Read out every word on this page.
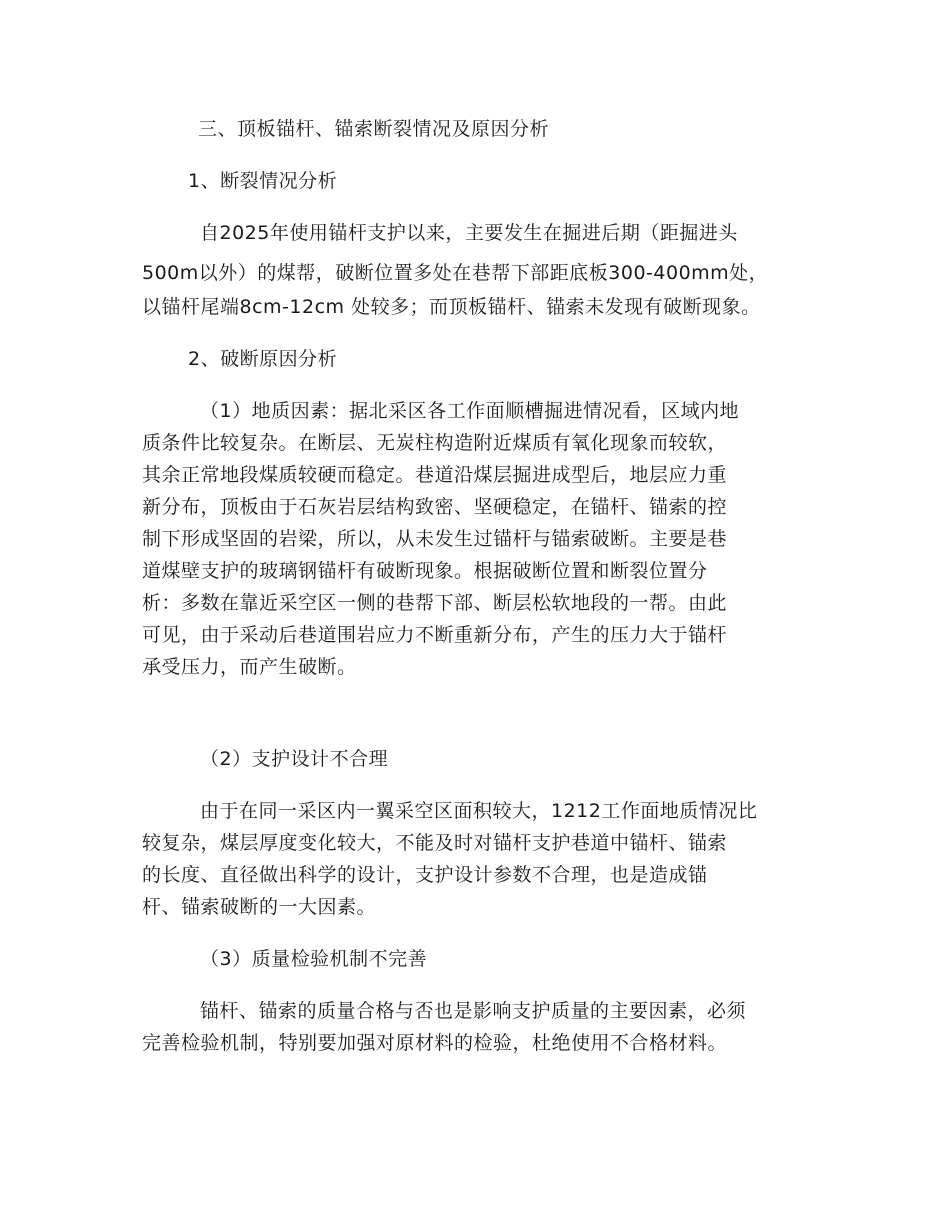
三、顶板锚杆、锚索断裂情况及原因分析
1、断裂情况分析
自2025年使用锚杆支护以来，主要发生在掘进后期（距掘进头
500m以外）的煤帮，破断位置多处在巷帮下部距底板300-400mm处，
以锚杆尾端8cm-12cm 处较多；而顶板锚杆、锚索未发现有破断现象。
2、破断原因分析
（1）地质因素：据北采区各工作面顺槽掘进情况看，区域内地
质条件比较复杂。在断层、无炭柱构造附近煤质有氧化现象而较软，
其余正常地段煤质较硬而稳定。巷道沿煤层掘进成型后，地层应力重
新分布，顶板由于石灰岩层结构致密、坚硬稳定，在锚杆、锚索的控
制下形成坚固的岩梁，所以，从未发生过锚杆与锚索破断。主要是巷
道煤壁支护的玻璃钢锚杆有破断现象。根据破断位置和断裂位置分
析：多数在靠近采空区一侧的巷帮下部、断层松软地段的一帮。由此
可见，由于采动后巷道围岩应力不断重新分布，产生的压力大于锚杆
承受压力，而产生破断。
（2）支护设计不合理
由于在同一采区内一翼采空区面积较大，1212工作面地质情况比
较复杂，煤层厚度变化较大，不能及时对锚杆支护巷道中锚杆、锚索
的长度、直径做出科学的设计，支护设计参数不合理，也是造成锚
杆、锚索破断的一大因素。
（3）质量检验机制不完善
锚杆、锚索的质量合格与否也是影响支护质量的主要因素，必须
完善检验机制，特别要加强对原材料的检验，杜绝使用不合格材料。
